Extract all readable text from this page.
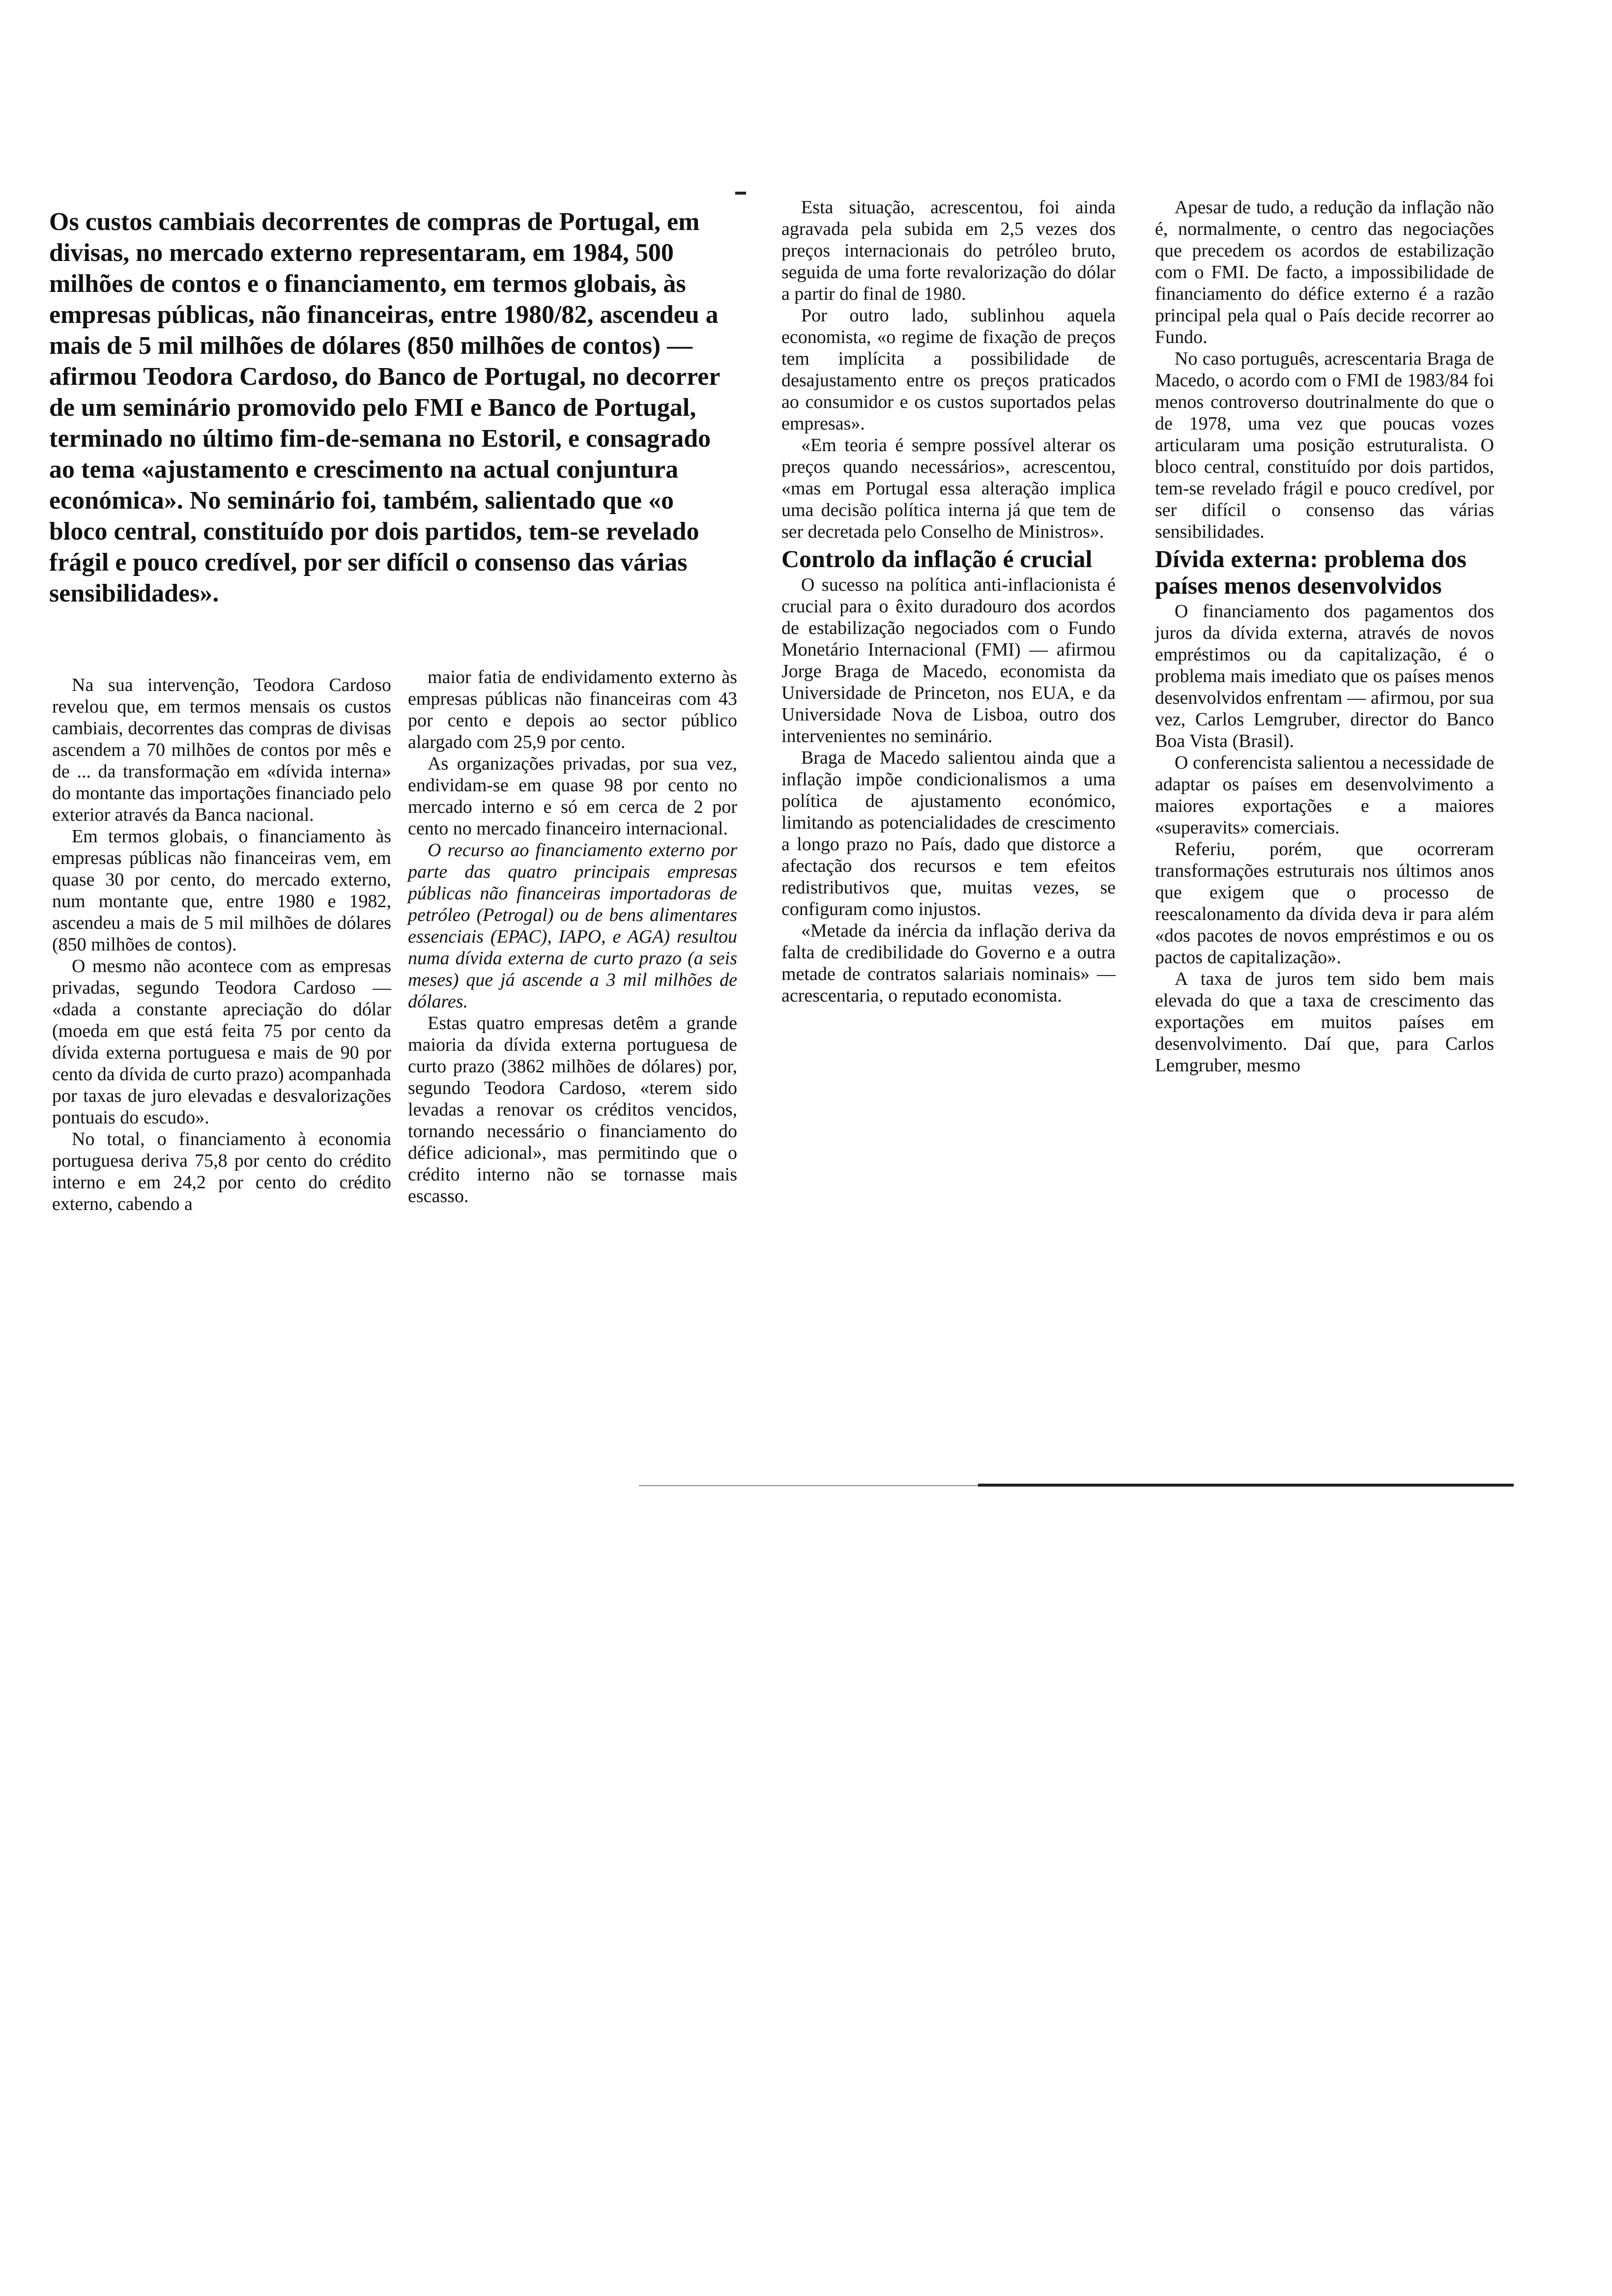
Os custos cambiais decorrentes de compras de Portugal, em divisas, no mercado externo representaram, em 1984, 500 milhões de contos e o financiamento, em termos globais, às empresas públicas, não financeiras, entre 1980/82, ascendeu a mais de 5 mil milhões de dólares (850 milhões de contos) — afirmou Teodora Cardoso, do Banco de Portugal, no decorrer de um seminário promovido pelo FMI e Banco de Portugal, terminado no último fim-de-semana no Estoril, e consagrado ao tema «ajustamento e crescimento na actual conjuntura económica». No seminário foi, também, salientado que «o bloco central, constituído por dois partidos, tem-se revelado frágil e pouco credível, por ser difícil o consenso das várias sensibilidades».

Na sua intervenção, Teodora Cardoso revelou que, em termos mensais os custos cambiais, decorrentes das compras de divisas ascendem a 70 milhões de contos por mês e de ... da transformação em «dívida interna» do montante das importações financiado pelo exterior através da Banca nacional.

Em termos globais, o financiamento às empresas públicas não financeiras vem, em quase 30 por cento, do mercado externo, num montante que, entre 1980 e 1982, ascendeu a mais de 5 mil milhões de dólares (850 milhões de contos).

O mesmo não acontece com as empresas privadas, segundo Teodora Cardoso — «dada a constante apreciação do dólar (moeda em que está feita 75 por cento da dívida externa portuguesa e mais de 90 por cento da dívida de curto prazo) acompanhada por taxas de juro elevadas e desvalorizações pontuais do escudo».

No total, o financiamento à economia portuguesa deriva 75,8 por cento do crédito interno e em 24,2 por cento do crédito externo, cabendo a

maior fatia de endividamento externo às empresas públicas não financeiras com 43 por cento e depois ao sector público alargado com 25,9 por cento.

As organizações privadas, por sua vez, endividam-se em quase 98 por cento no mercado interno e só em cerca de 2 por cento no mercado financeiro internacional.

O recurso ao financiamento externo por parte das quatro principais empresas públicas não financeiras importadoras de petróleo (Petrogal) ou de bens alimentares essenciais (EPAC), IAPO, e AGA) resultou numa dívida externa de curto prazo (a seis meses) que já ascende a 3 mil milhões de dólares.

Estas quatro empresas detêm a grande maioria da dívida externa portuguesa de curto prazo (3862 milhões de dólares) por, segundo Teodora Cardoso, «terem sido levadas a renovar os créditos vencidos, tornando necessário o financiamento do défice adicional», mas permitindo que o crédito interno não se tornasse mais escasso.

Esta situação, acrescentou, foi ainda agravada pela subida em 2,5 vezes dos preços internacionais do petróleo bruto, seguida de uma forte revalorização do dólar a partir do final de 1980.

Por outro lado, sublinhou aquela economista, «o regime de fixação de preços tem implícita a possibilidade de desajustamento entre os preços praticados ao consumidor e os custos suportados pelas empresas».

«Em teoria é sempre possível alterar os preços quando necessários», acrescentou, «mas em Portugal essa alteração implica uma decisão política interna já que tem de ser decretada pelo Conselho de Ministros».

Controlo da inflação é crucial

O sucesso na política anti-inflacionista é crucial para o êxito duradouro dos acordos de estabilização negociados com o Fundo Monetário Internacional (FMI) — afirmou Jorge Braga de Macedo, economista da Universidade de Princeton, nos EUA, e da Universidade Nova de Lisboa, outro dos intervenientes no seminário.

Braga de Macedo salientou ainda que a inflação impõe condicionalismos a uma política de ajustamento económico, limitando as potencialidades de crescimento a longo prazo no País, dado que distorce a afectação dos recursos e tem efeitos redistributivos que, muitas vezes, se configuram como injustos.

«Metade da inércia da inflação deriva da falta de credibilidade do Governo e a outra metade de contratos salariais nominais» — acrescentaria, o reputado economista.

Apesar de tudo, a redução da inflação não é, normalmente, o centro das negociações que precedem os acordos de estabilização com o FMI. De facto, a impossibilidade de financiamento do défice externo é a razão principal pela qual o País decide recorrer ao Fundo.

No caso português, acrescentaria Braga de Macedo, o acordo com o FMI de 1983/84 foi menos controverso doutrinalmente do que o de 1978, uma vez que poucas vozes articularam uma posição estruturalista. O bloco central, constituído por dois partidos, tem-se revelado frágil e pouco credível, por ser difícil o consenso das várias sensibilidades.

Dívida externa: problema dos países menos desenvolvidos

O financiamento dos pagamentos dos juros da dívida externa, através de novos empréstimos ou da capitalização, é o problema mais imediato que os países menos desenvolvidos enfrentam — afirmou, por sua vez, Carlos Lemgruber, director do Banco Boa Vista (Brasil).

O conferencista salientou a necessidade de adaptar os países em desenvolvimento a maiores exportações e a maiores «superavits» comerciais.

Referiu, porém, que ocorreram transformações estruturais nos últimos anos que exigem que o processo de reescalonamento da dívida deva ir para além «dos pacotes de novos empréstimos e ou os pactos de capitalização».

A taxa de juros tem sido bem mais elevada do que a taxa de crescimento das exportações em muitos países em desenvolvimento. Daí que, para Carlos Lemgruber, mesmo
